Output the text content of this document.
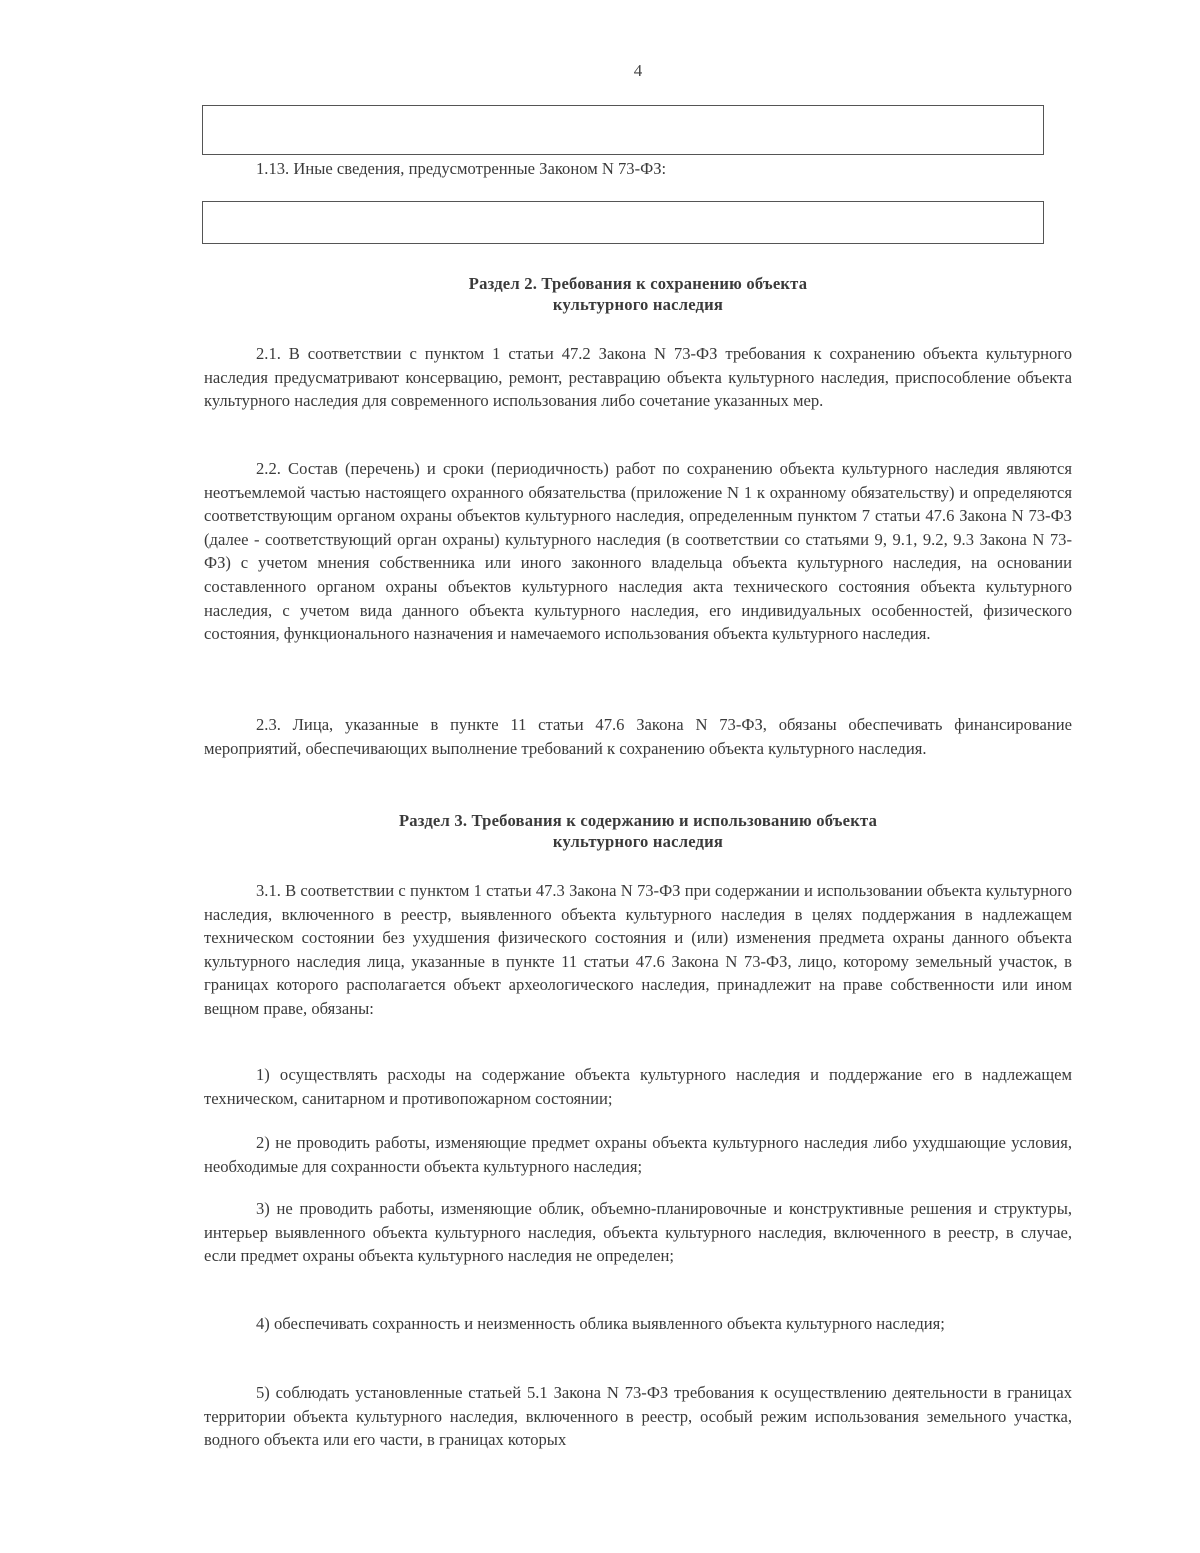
4

1.13. Иные сведения, предусмотренные Законом N 73-ФЗ:

Раздел 2. Требования к сохранению объекта
культурного наследия

2.1. В соответствии с пунктом 1 статьи 47.2 Закона N 73-ФЗ требования к сохранению объекта культурного наследия предусматривают консервацию, ремонт, реставрацию объекта культурного наследия, приспособление объекта культурного наследия для современного использования либо сочетание указанных мер.

2.2. Состав (перечень) и сроки (периодичность) работ по сохранению объекта культурного наследия являются неотъемлемой частью настоящего охранного обязательства (приложение N 1 к охранному обязательству) и определяются соответствующим органом охраны объектов культурного наследия, определенным пунктом 7 статьи 47.6 Закона N 73-ФЗ (далее - соответствующий орган охраны) культурного наследия (в соответствии со статьями 9, 9.1, 9.2, 9.3 Закона N 73-ФЗ) с учетом мнения собственника или иного законного владельца объекта культурного наследия, на основании составленного органом охраны объектов культурного наследия акта технического состояния объекта культурного наследия, с учетом вида данного объекта культурного наследия, его индивидуальных особенностей, физического состояния, функционального назначения и намечаемого использования объекта культурного наследия.

2.3. Лица, указанные в пункте 11 статьи 47.6 Закона N 73-ФЗ, обязаны обеспечивать финансирование мероприятий, обеспечивающих выполнение требований к сохранению объекта культурного наследия.

Раздел 3. Требования к содержанию и использованию объекта
культурного наследия

3.1. В соответствии с пунктом 1 статьи 47.3 Закона N 73-ФЗ при содержании и использовании объекта культурного наследия, включенного в реестр, выявленного объекта культурного наследия в целях поддержания в надлежащем техническом состоянии без ухудшения физического состояния и (или) изменения предмета охраны данного объекта культурного наследия лица, указанные в пункте 11 статьи 47.6 Закона N 73-ФЗ, лицо, которому земельный участок, в границах которого располагается объект археологического наследия, принадлежит на праве собственности или ином вещном праве, обязаны:

1) осуществлять расходы на содержание объекта культурного наследия и поддержание его в надлежащем техническом, санитарном и противопожарном состоянии;

2) не проводить работы, изменяющие предмет охраны объекта культурного наследия либо ухудшающие условия, необходимые для сохранности объекта культурного наследия;

3) не проводить работы, изменяющие облик, объемно-планировочные и конструктивные решения и структуры, интерьер выявленного объекта культурного наследия, объекта культурного наследия, включенного в реестр, в случае, если предмет охраны объекта культурного наследия не определен;

4) обеспечивать сохранность и неизменность облика выявленного объекта культурного наследия;

5) соблюдать установленные статьей 5.1 Закона N 73-ФЗ требования к осуществлению деятельности в границах территории объекта культурного наследия, включенного в реестр, особый режим использования земельного участка, водного объекта или его части, в границах которых
